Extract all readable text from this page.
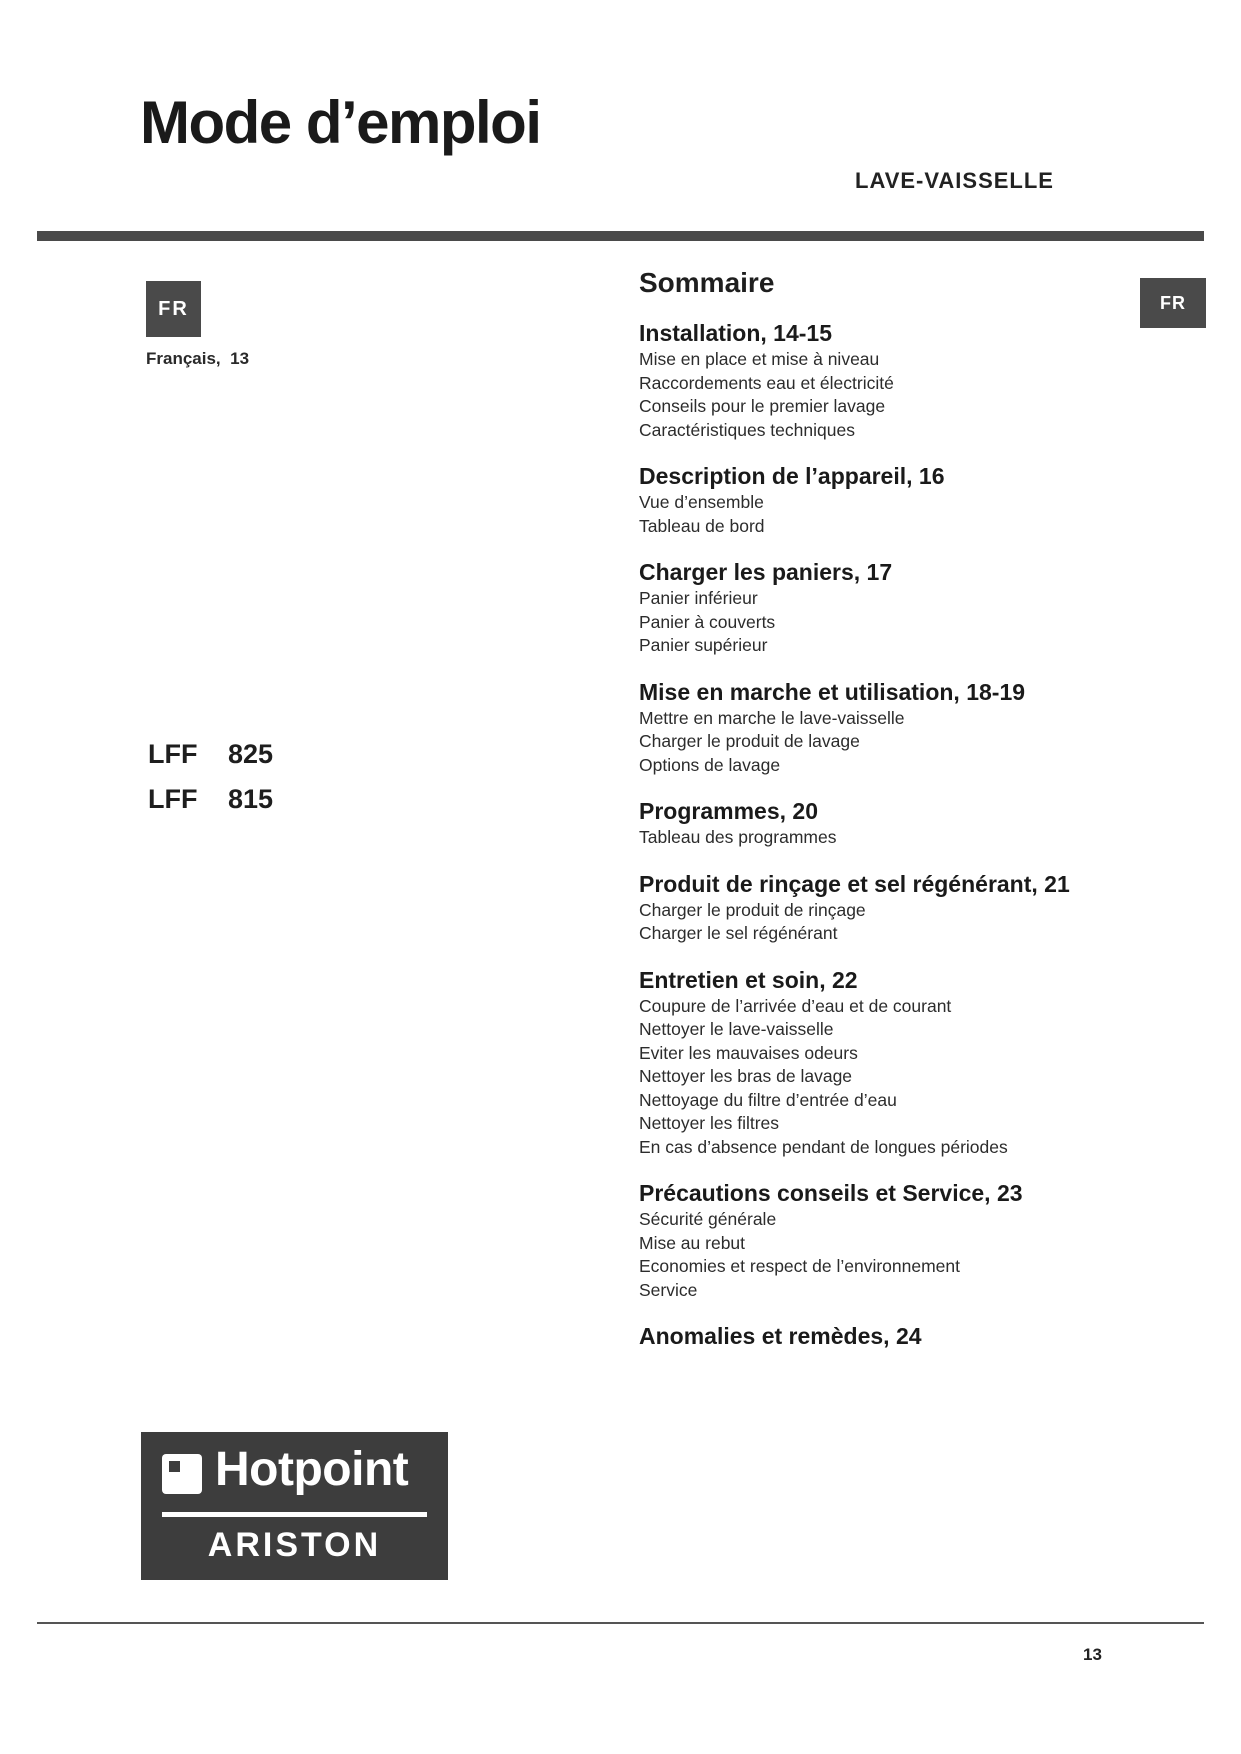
Mode d’emploi
LAVE-VAISSELLE
FR
Français, 13
FR
LFF	825
LFF	815
Sommaire
Installation, 14-15
Mise en place et mise à niveau
Raccordements eau et électricité
Conseils pour le premier lavage
Caractéristiques techniques
Description de l’appareil, 16
Vue d’ensemble
Tableau de bord
Charger les paniers, 17
Panier inférieur
Panier à couverts
Panier supérieur
Mise en marche et utilisation, 18-19
Mettre en marche le lave-vaisselle
Charger le produit de lavage
Options de lavage
Programmes, 20
Tableau des programmes
Produit de rinçage et sel régénérant, 21
Charger le produit de rinçage
Charger le sel régénérant
Entretien et soin, 22
Coupure de l’arrivée d’eau et de courant
Nettoyer le lave-vaisselle
Eviter les mauvaises odeurs
Nettoyer les bras de lavage
Nettoyage du filtre d’entrée d’eau
Nettoyer les filtres
En cas d’absence pendant de longues périodes
Précautions conseils et Service, 23
Sécurité générale
Mise au rebut
Economies et respect de l’environnement
Service
Anomalies et remèdes, 24
Hotpoint
ARISTON
13
